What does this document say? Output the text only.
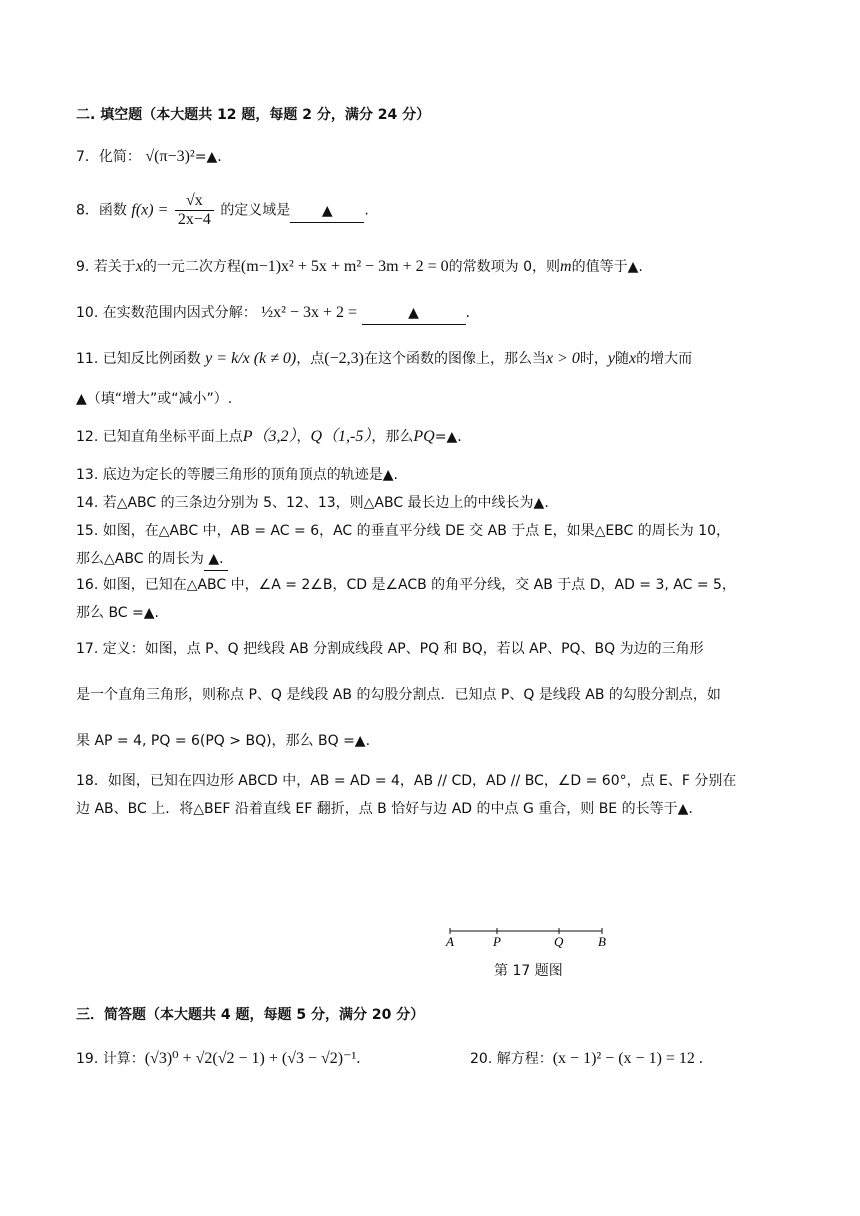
二. 填空题（本大题共 12 题，每题 2 分，满分 24 分）
7．化简： √(π−3)²=▲.
8．函数 $f(x) = \frac{√x}{2x-4}$ 的定义域是 ▲ .
9. 若关于x的一元二次方程(m−1)x² + 5x + m² − 3m + 2 = 0的常数项为 0，则m的值等于▲.
10. 在实数范围内因式分解： ½x² − 3x + 2 =	▲	.
11. 已知反比例函数 y = k/x (k ≠ 0)，点(−2,3)在这个函数的图像上，那么当x > 0时，y随x的增大而
▲（填“增大”或“减小”）.
12. 已知直角坐标平面上点P（3,2），Q（1,-5），那么PQ=▲.
13. 底边为定长的等腰三角形的顶角顶点的轨迹是▲.
14. 若△ABC 的三条边分别为 5、12、13，则△ABC 最长边上的中线长为▲.
15. 如图，在△ABC 中，AB = AC = 6，AC 的垂直平分线 DE 交 AB 于点 E，如果△EBC 的周长为 10，
那么△ABC 的周长为 ▲.
16. 如图，已知在△ABC 中，∠A = 2∠B，CD 是∠ACB 的角平分线，交 AB 于点 D，AD = 3, AC = 5，
那么 BC =▲.
17. 定义：如图，点 P、Q 把线段 AB 分割成线段 AP、PQ 和 BQ，若以 AP、PQ、BQ 为边的三角形
是一个直角三角形，则称点 P、Q 是线段 AB 的勾股分割点．已知点 P、Q 是线段 AB 的勾股分割点，如
果 AP = 4, PQ = 6(PQ > BQ)，那么 BQ =▲.
18．如图，已知在四边形 ABCD 中，AB = AD = 4，AB // CD，AD // BC，∠D = 60°，点 E、F 分别在
边 AB、BC 上．将△BEF 沿着直线 EF 翻折，点 B 恰好与边 AD 的中点 G 重合，则 BE 的长等于▲.
A	P	Q	B
第 17 题图
三．简答题（本大题共 4 题，每题 5 分，满分 20 分）
19. 计算：(√3)⁰ + √2(√2 − 1) + (√3 − √2)⁻¹.	20. 解方程：(x − 1)² − (x − 1) = 12 .
